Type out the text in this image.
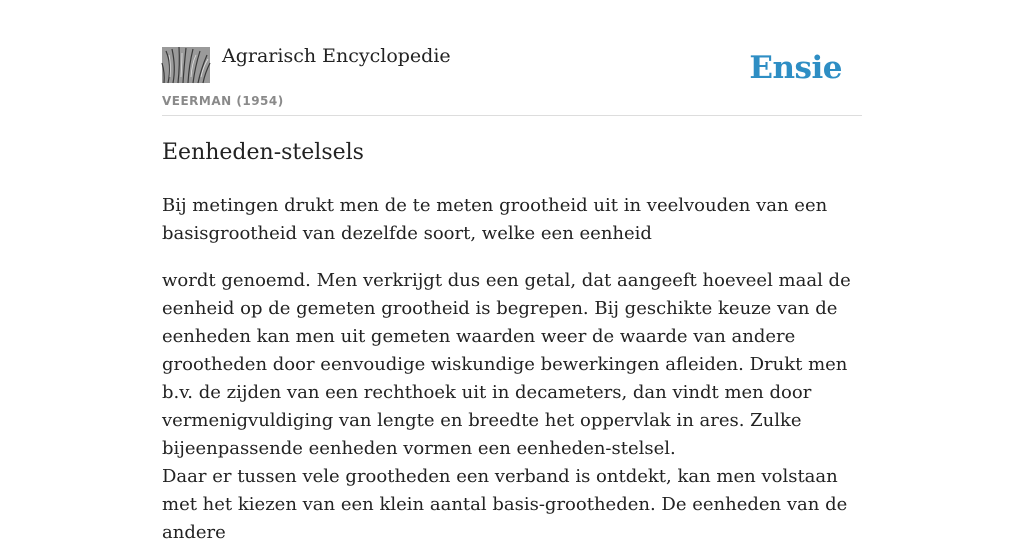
Agrarisch Encyclopedie
VEERMAN (1954)
Ensie
Eenheden-stelsels

Bij metingen drukt men de te meten grootheid uit in veelvouden van een basisgrootheid van dezelfde soort, welke een eenheid

wordt genoemd. Men verkrijgt dus een getal, dat aangeeft hoeveel maal de eenheid op de gemeten grootheid is begrepen. Bij geschikte keuze van de eenheden kan men uit gemeten waarden weer de waarde van andere grootheden door eenvoudige wiskundige bewerkingen afleiden. Drukt men b.v. de zijden van een rechthoek uit in decameters, dan vindt men door vermenigvuldiging van lengte en breedte het oppervlak in ares. Zulke bijeenpassende eenheden vormen een eenheden-stelsel.

Daar er tussen vele grootheden een verband is ontdekt, kan men volstaan met het kiezen van een klein aantal basis-grootheden. De eenheden van de andere
